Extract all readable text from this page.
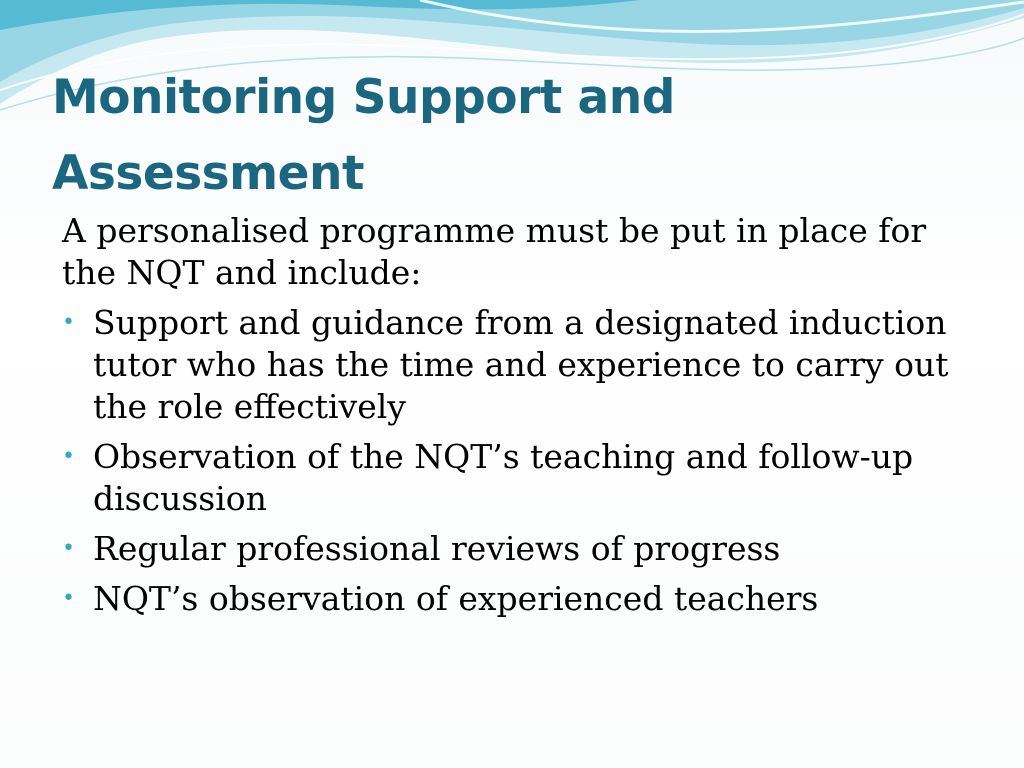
Monitoring Support and Assessment

A personalised programme must be put in place for the NQT and include:

• Support and guidance from a designated induction tutor who has the time and experience to carry out the role effectively
• Observation of the NQT’s teaching and follow-up discussion
• Regular professional reviews of progress
• NQT’s observation of experienced teachers
